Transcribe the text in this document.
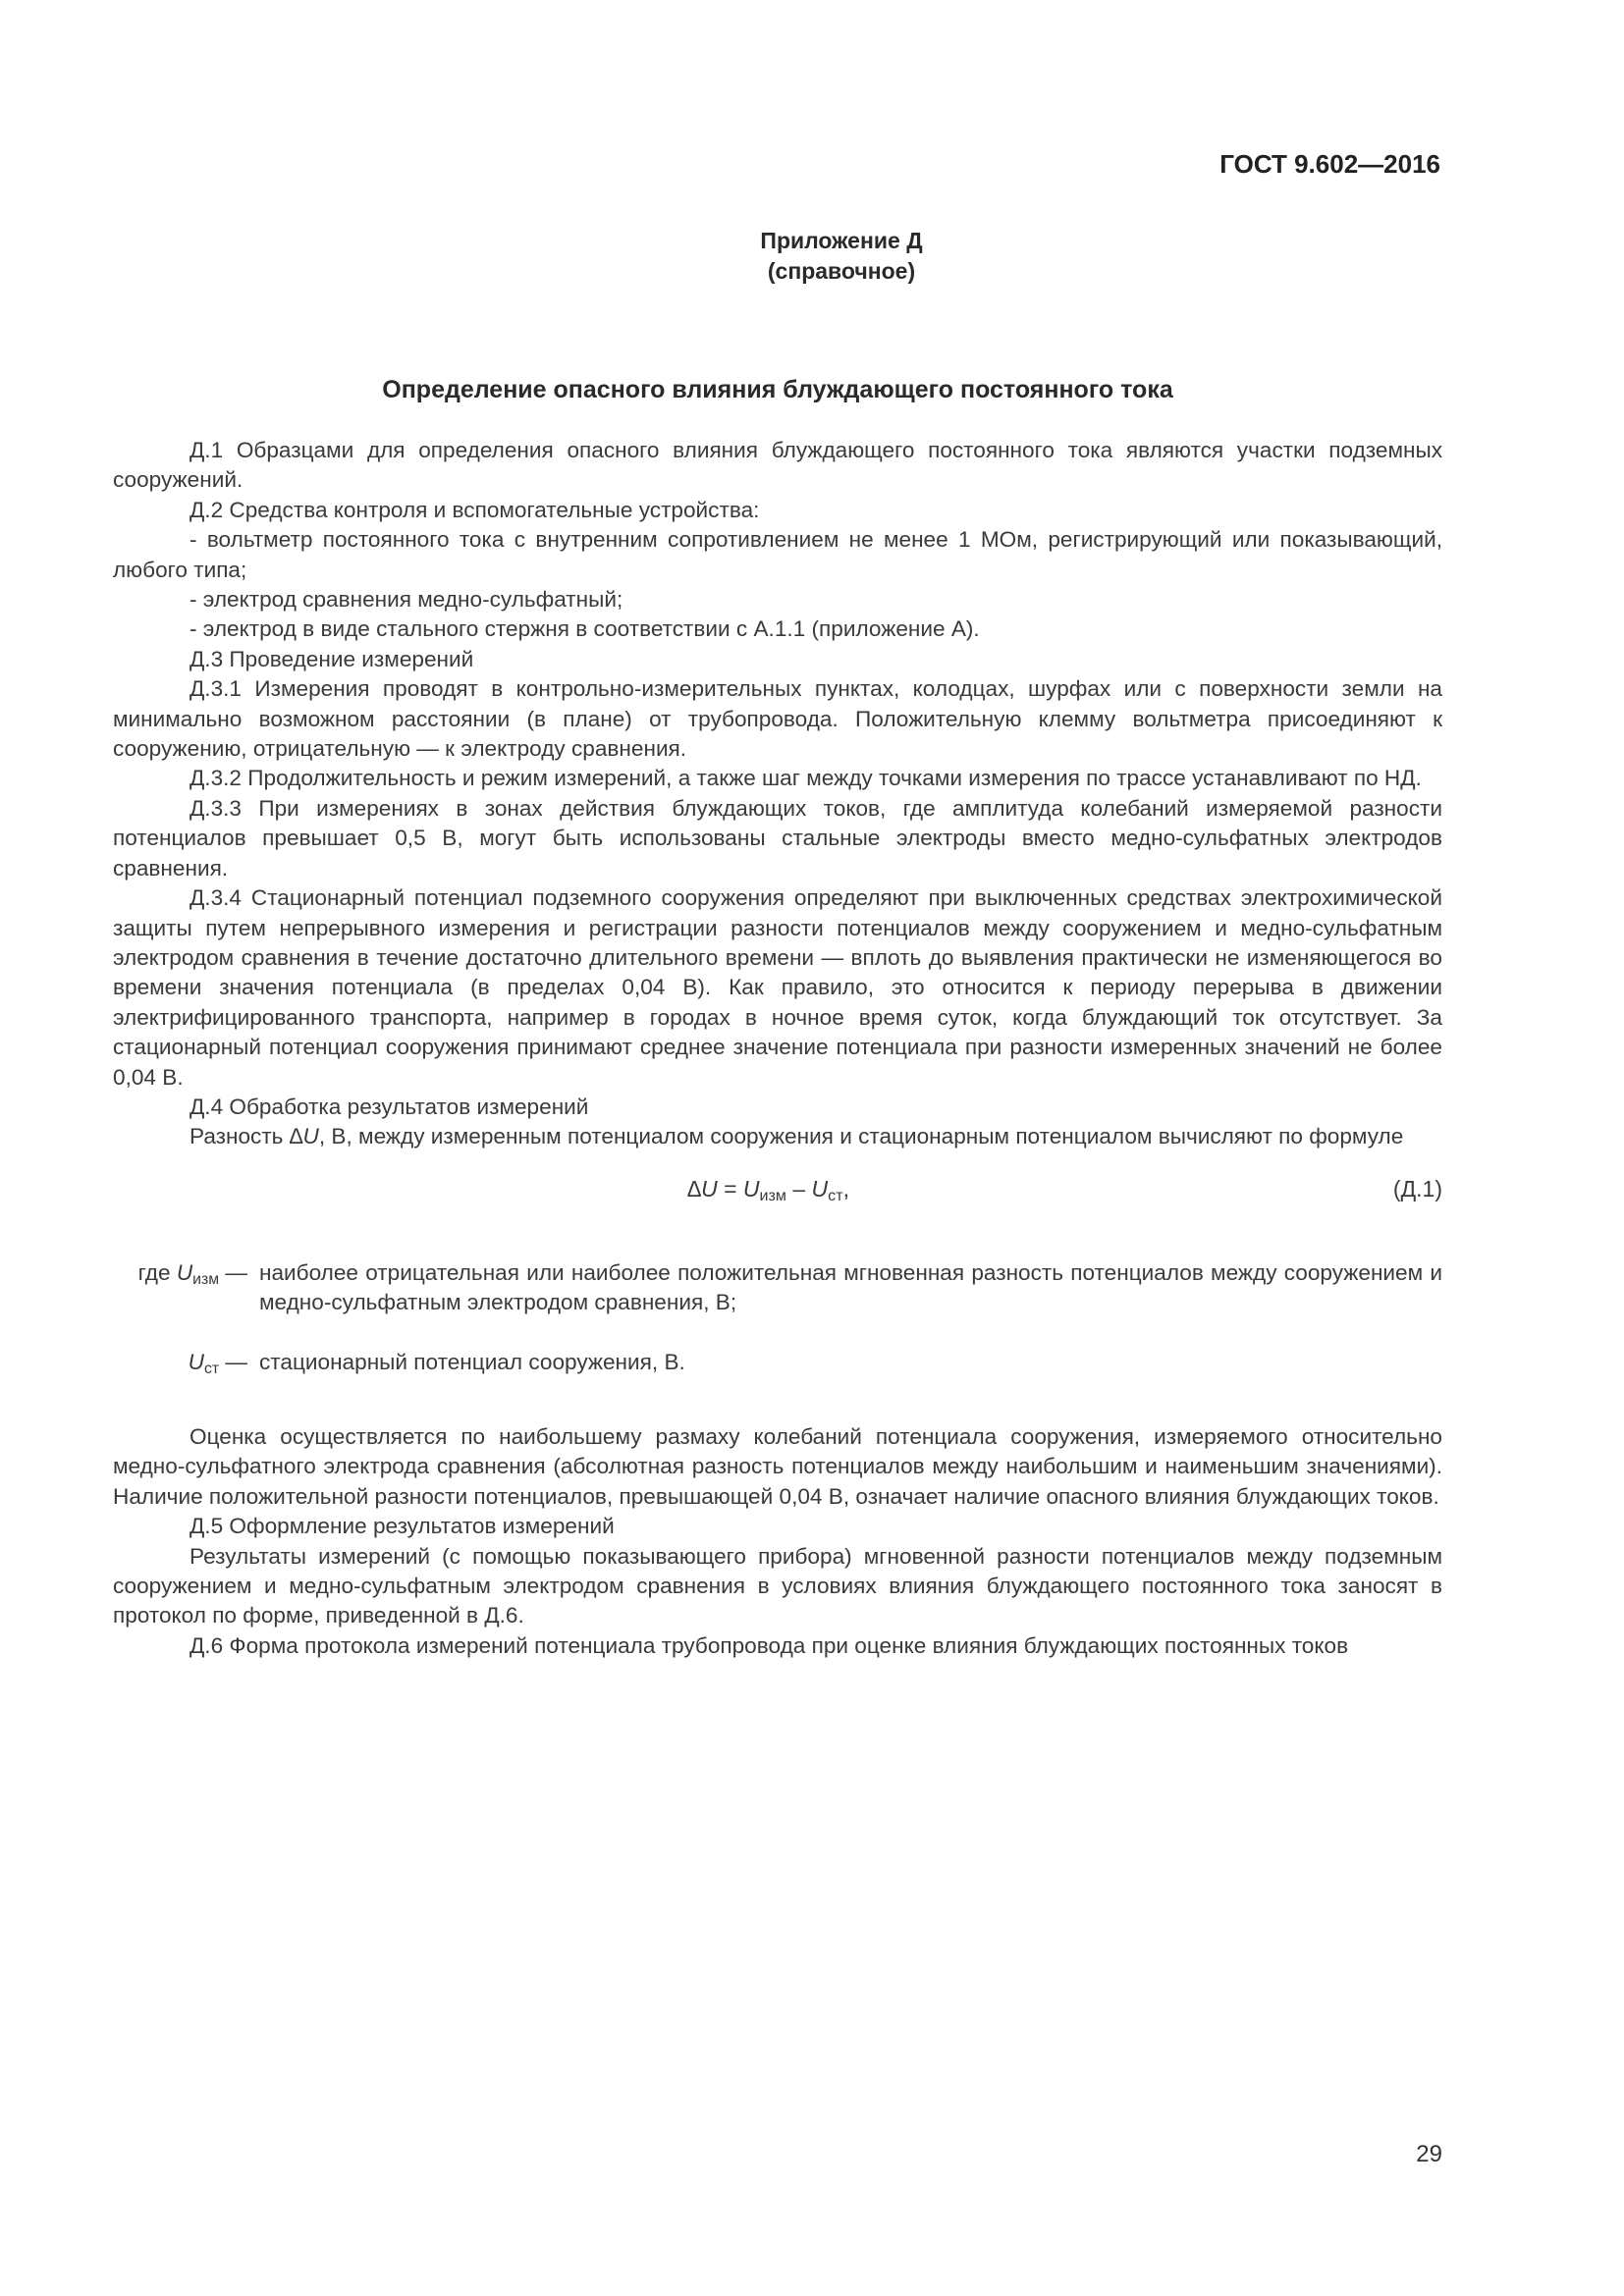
ГОСТ 9.602—2016
Приложение Д
(справочное)
Определение опасного влияния блуждающего постоянного тока

Д.1 Образцами для определения опасного влияния блуждающего постоянного тока являются участки подземных сооружений.

Д.2 Средства контроля и вспомогательные устройства:

- вольтметр постоянного тока с внутренним сопротивлением не менее 1 МОм, регистрирующий или показывающий, любого типа;

- электрод сравнения медно-сульфатный;

- электрод в виде стального стержня в соответствии с А.1.1 (приложение А).

Д.3 Проведение измерений

Д.3.1 Измерения проводят в контрольно-измерительных пунктах, колодцах, шурфах или с поверхности земли на минимально возможном расстоянии (в плане) от трубопровода. Положительную клемму вольтметра присоединяют к сооружению, отрицательную — к электроду сравнения.

Д.3.2 Продолжительность и режим измерений, а также шаг между точками измерения по трассе устанавливают по НД.

Д.3.3 При измерениях в зонах действия блуждающих токов, где амплитуда колебаний измеряемой разности потенциалов превышает 0,5 В, могут быть использованы стальные электроды вместо медно-сульфатных электродов сравнения.

Д.3.4 Стационарный потенциал подземного сооружения определяют при выключенных средствах электрохимической защиты путем непрерывного измерения и регистрации разности потенциалов между сооружением и медно-сульфатным электродом сравнения в течение достаточно длительного времени — вплоть до выявления практически не изменяющегося во времени значения потенциала (в пределах 0,04 В). Как правило, это относится к периоду перерыва в движении электрифицированного транспорта, например в городах в ночное время суток, когда блуждающий ток отсутствует. За стационарный потенциал сооружения принимают среднее значение потенциала при разности измеренных значений не более 0,04 В.

Д.4 Обработка результатов измерений

Разность ∆U, В, между измеренным потенциалом сооружения и стационарным потенциалом вычисляют по формуле

$\Delta U = U_{изм} - U_{ст}$,	(Д.1)
где $U_{изм}$ — наиболее отрицательная или наиболее положительная мгновенная разность потенциалов между сооружением и медно-сульфатным электродом сравнения, В;
$U_{ст}$ — стационарный потенциал сооружения, В.

Оценка осуществляется по наибольшему размаху колебаний потенциала сооружения, измеряемого относительно медно-сульфатного электрода сравнения (абсолютная разность потенциалов между наибольшим и наименьшим значениями). Наличие положительной разности потенциалов, превышающей 0,04 В, означает наличие опасного влияния блуждающих токов.

Д.5 Оформление результатов измерений

Результаты измерений (с помощью показывающего прибора) мгновенной разности потенциалов между подземным сооружением и медно-сульфатным электродом сравнения в условиях влияния блуждающего постоянного тока заносят в протокол по форме, приведенной в Д.6.

Д.6 Форма протокола измерений потенциала трубопровода при оценке влияния блуждающих постоянных токов

29
